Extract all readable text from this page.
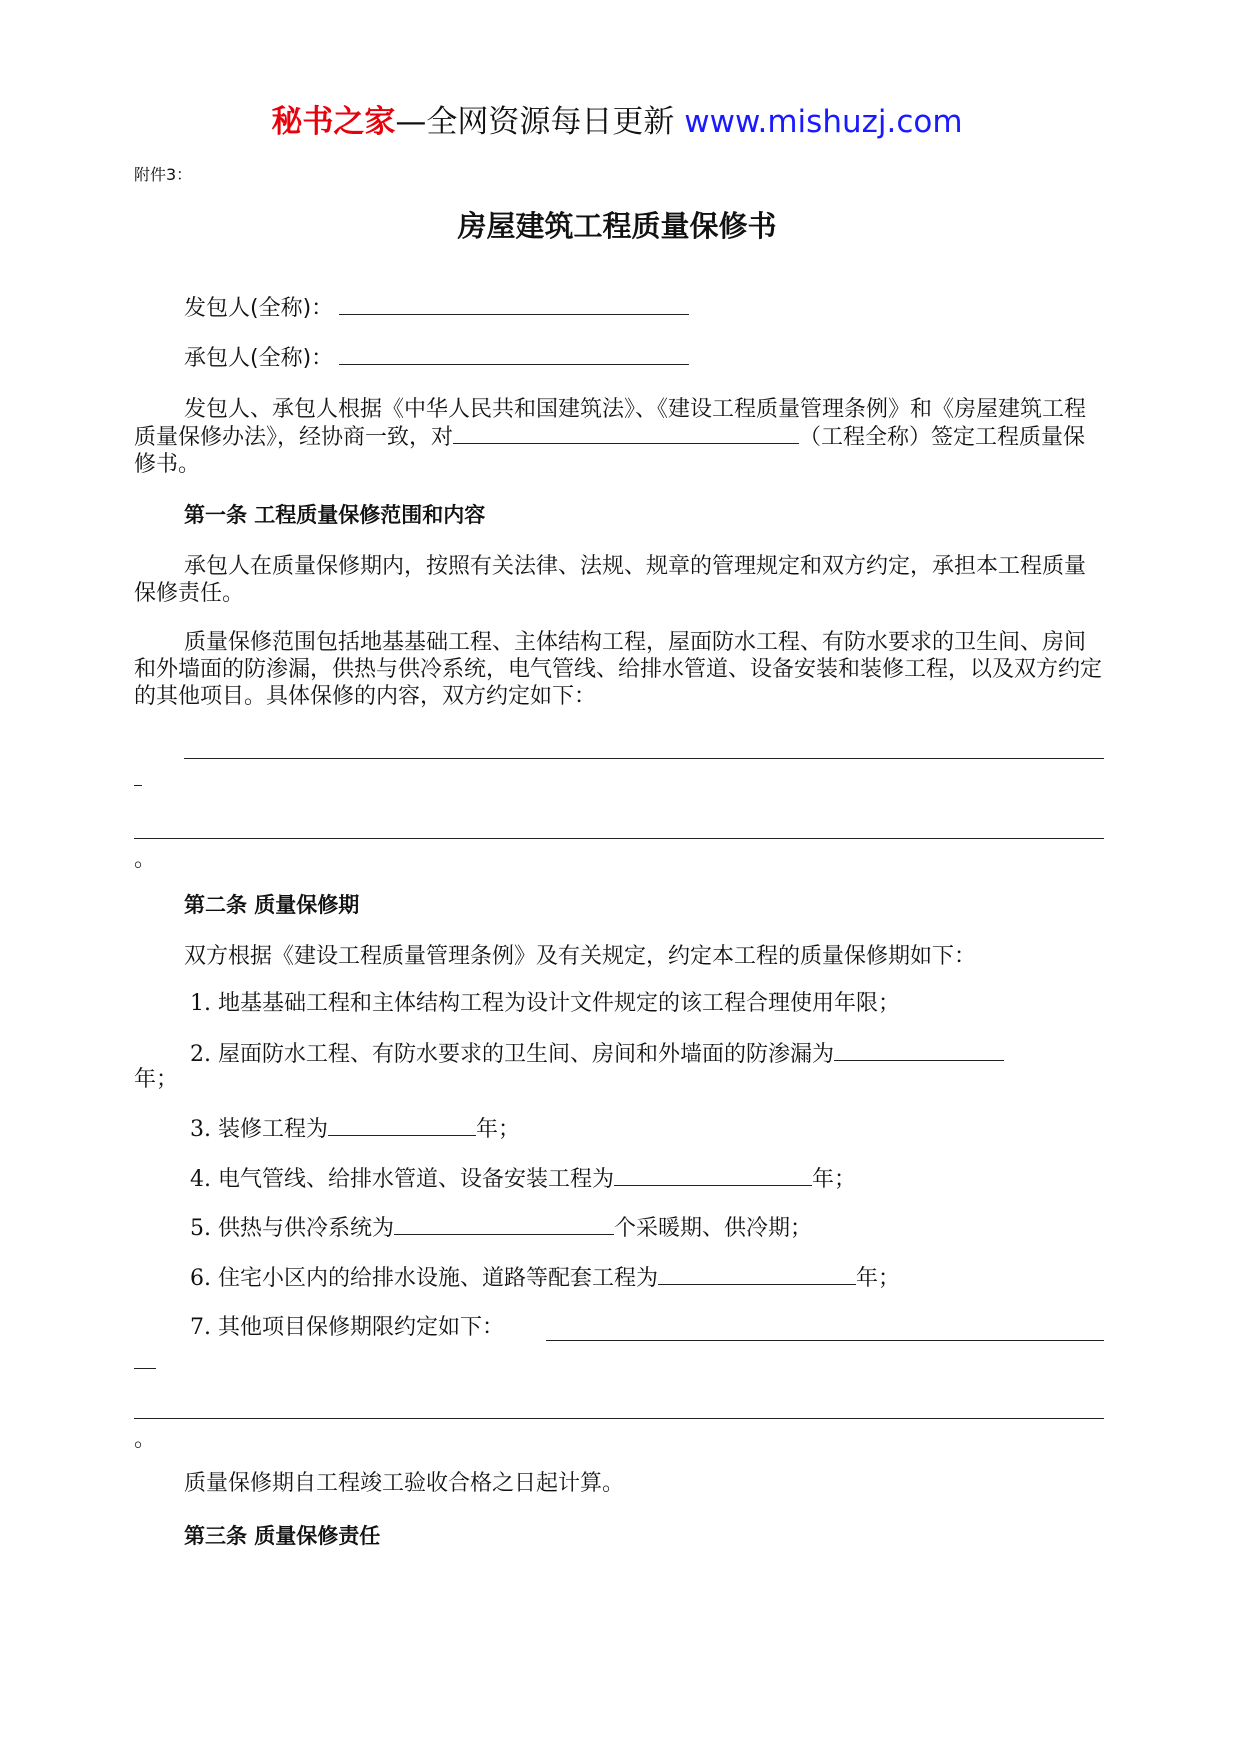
秘书之家—全网资源每日更新 www.mishuzj.com
附件3：
房屋建筑工程质量保修书
发包人(全称)：
承包人(全称)：
发包人、承包人根据《中华人民共和国建筑法》、《建设工程质量管理条例》和《房屋建筑工程质量保修办法》，经协商一致，对	（工程全称）签定工程质量保修书。
第一条 工程质量保修范围和内容
承包人在质量保修期内，按照有关法律、法规、规章的管理规定和双方约定，承担本工程质量保修责任。
质量保修范围包括地基基础工程、主体结构工程，屋面防水工程、有防水要求的卫生间、房间和外墙面的防渗漏，供热与供冷系统，电气管线、给排水管道、设备安装和装修工程，以及双方约定的其他项目。具体保修的内容，双方约定如下：
。
第二条 质量保修期
双方根据《建设工程质量管理条例》及有关规定，约定本工程的质量保修期如下：
1. 地基基础工程和主体结构工程为设计文件规定的该工程合理使用年限；
2. 屋面防水工程、有防水要求的卫生间、房间和外墙面的防渗漏为
年；
3. 装修工程为	年；
4. 电气管线、给排水管道、设备安装工程为	年；
5. 供热与供冷系统为	个采暖期、供冷期；
6. 住宅小区内的给排水设施、道路等配套工程为	年；
7. 其他项目保修期限约定如下：
。
质量保修期自工程竣工验收合格之日起计算。
第三条 质量保修责任
